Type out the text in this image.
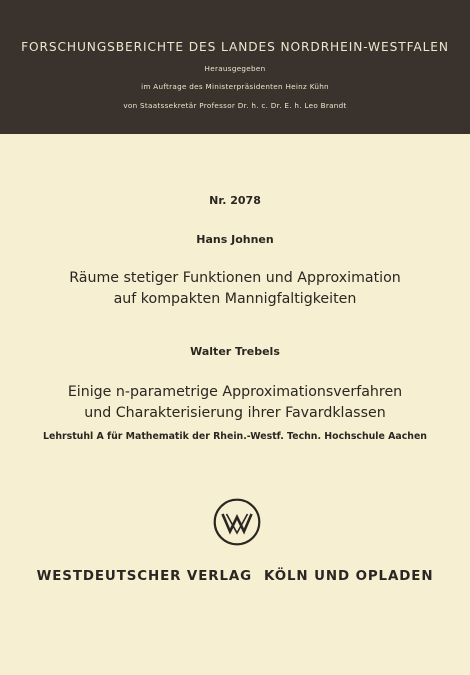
FORSCHUNGSBERICHTE DES LANDES NORDRHEIN-WESTFALEN
Herausgegeben
im Auftrage des Ministerpräsidenten Heinz Kühn
von Staatssekretär Professor Dr. h. c. Dr. E. h. Leo Brandt
Nr. 2078
Hans Johnen
Räume stetiger Funktionen und Approximation
auf kompakten Mannigfaltigkeiten
Walter Trebels
Einige n-parametrige Approximationsverfahren
und Charakterisierung ihrer Favardklassen
Lehrstuhl A für Mathematik der Rhein.-Westf. Techn. Hochschule Aachen
WESTDEUTSCHER VERLAG KÖLN UND OPLADEN
